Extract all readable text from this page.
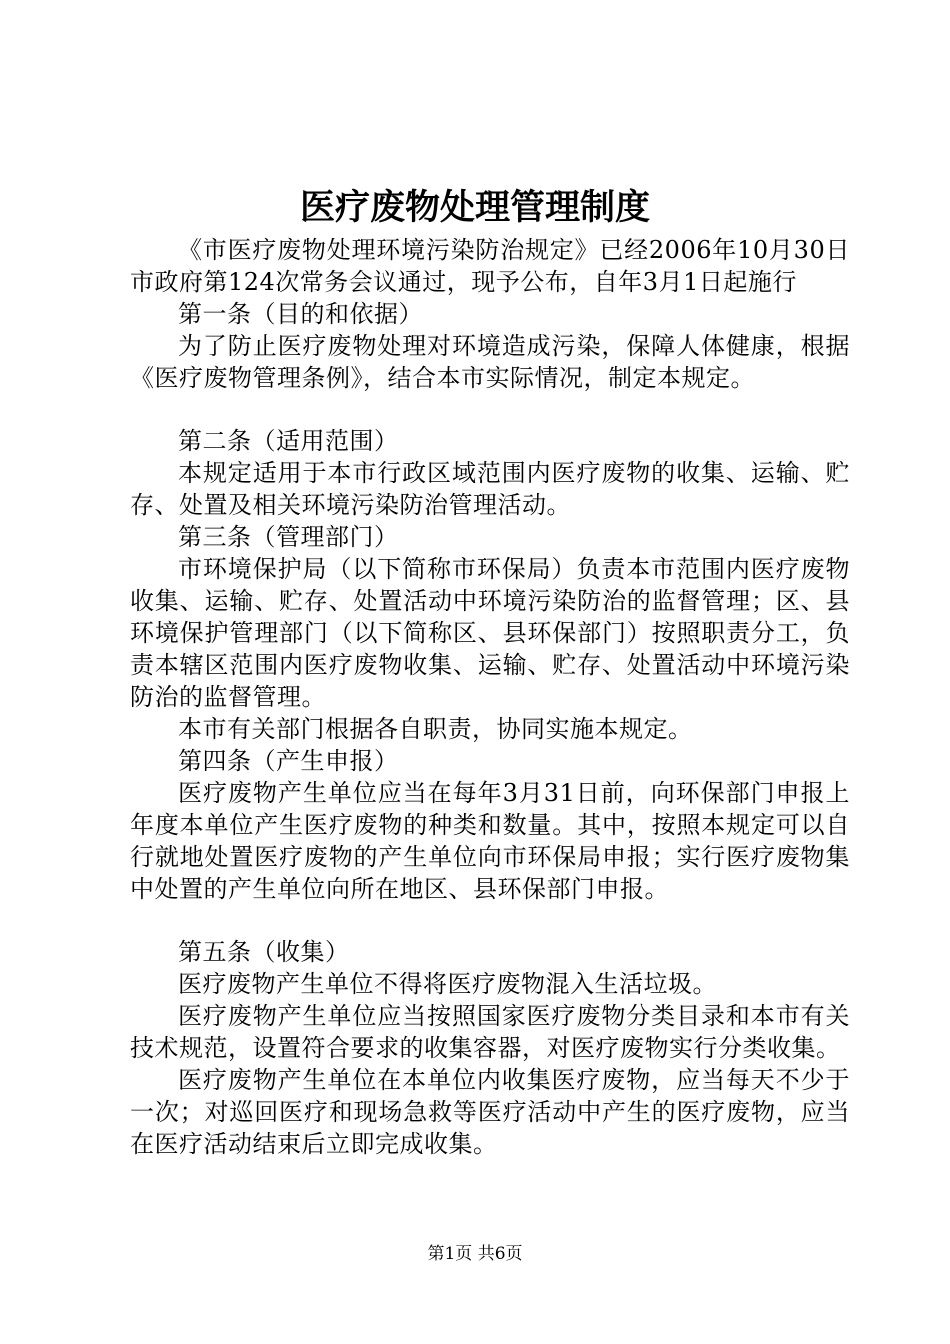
医疗废物处理管理制度

《市医疗废物处理环境污染防治规定》已经2006年10月30日市政府第124次常务会议通过，现予公布，自年3月1日起施行

第一条（目的和依据）

为了防止医疗废物处理对环境造成污染，保障人体健康，根据《医疗废物管理条例》，结合本市实际情况，制定本规定。

第二条（适用范围）

本规定适用于本市行政区域范围内医疗废物的收集、运输、贮存、处置及相关环境污染防治管理活动。

第三条（管理部门）

市环境保护局（以下简称市环保局）负责本市范围内医疗废物收集、运输、贮存、处置活动中环境污染防治的监督管理；区、县环境保护管理部门（以下简称区、县环保部门）按照职责分工，负责本辖区范围内医疗废物收集、运输、贮存、处置活动中环境污染防治的监督管理。

本市有关部门根据各自职责，协同实施本规定。

第四条（产生申报）

医疗废物产生单位应当在每年3月31日前，向环保部门申报上年度本单位产生医疗废物的种类和数量。其中，按照本规定可以自行就地处置医疗废物的产生单位向市环保局申报；实行医疗废物集中处置的产生单位向所在地区、县环保部门申报。

第五条（收集）

医疗废物产生单位不得将医疗废物混入生活垃圾。

医疗废物产生单位应当按照国家医疗废物分类目录和本市有关技术规范，设置符合要求的收集容器，对医疗废物实行分类收集。

医疗废物产生单位在本单位内收集医疗废物，应当每天不少于一次；对巡回医疗和现场急救等医疗活动中产生的医疗废物，应当在医疗活动结束后立即完成收集。

第1页 共6页
